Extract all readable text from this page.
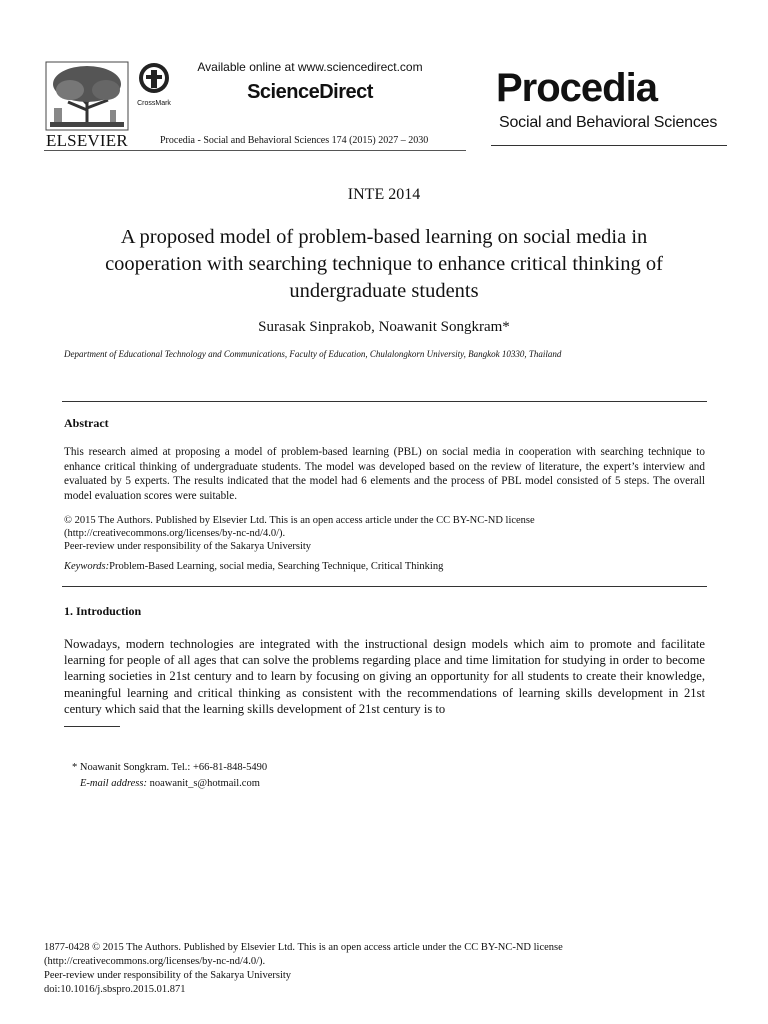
ELSEVIER
CrossMark
Available online at www.sciencedirect.com
ScienceDirect
Procedia - Social and Behavioral Sciences 174 (2015) 2027 – 2030
Procedia
Social and Behavioral Sciences
INTE 2014
A proposed model of problem-based learning on social media in
cooperation with searching technique to enhance critical thinking of
undergraduate students
Surasak Sinprakob, Noawanit Songkram*
Department of Educational Technology and Communications, Faculty of Education, Chulalongkorn University, Bangkok 10330, Thailand
Abstract
This research aimed at proposing a model of problem-based learning (PBL) on social media in cooperation with searching technique to enhance critical thinking of undergraduate students. The model was developed based on the review of literature, the expert’s interview and evaluated by 5 experts. The results indicated that the model had 6 elements and the process of PBL model consisted of 5 steps. The overall model evaluation scores were suitable.
© 2015 The Authors. Published by Elsevier Ltd. This is an open access article under the CC BY-NC-ND license
(http://creativecommons.org/licenses/by-nc-nd/4.0/).
Peer-review under responsibility of the Sakarya University
Keywords:Problem-Based Learning, social media, Searching Technique, Critical Thinking
1. Introduction
Nowadays, modern technologies are integrated with the instructional design models which aim to promote and facilitate learning for people of all ages that can solve the problems regarding place and time limitation for studying in order to become learning societies in 21st century and to learn by focusing on giving an opportunity for all students to create their knowledge, meaningful learning and critical thinking as consistent with the recommendations of learning skills development in 21st century which said that the learning skills development of 21st century is to
* Noawanit Songkram. Tel.: +66-81-848-5490
E-mail address: noawanit_s@hotmail.com
1877-0428 © 2015 The Authors. Published by Elsevier Ltd. This is an open access article under the CC BY-NC-ND license
(http://creativecommons.org/licenses/by-nc-nd/4.0/).
Peer-review under responsibility of the Sakarya University
doi:10.1016/j.sbspro.2015.01.871
